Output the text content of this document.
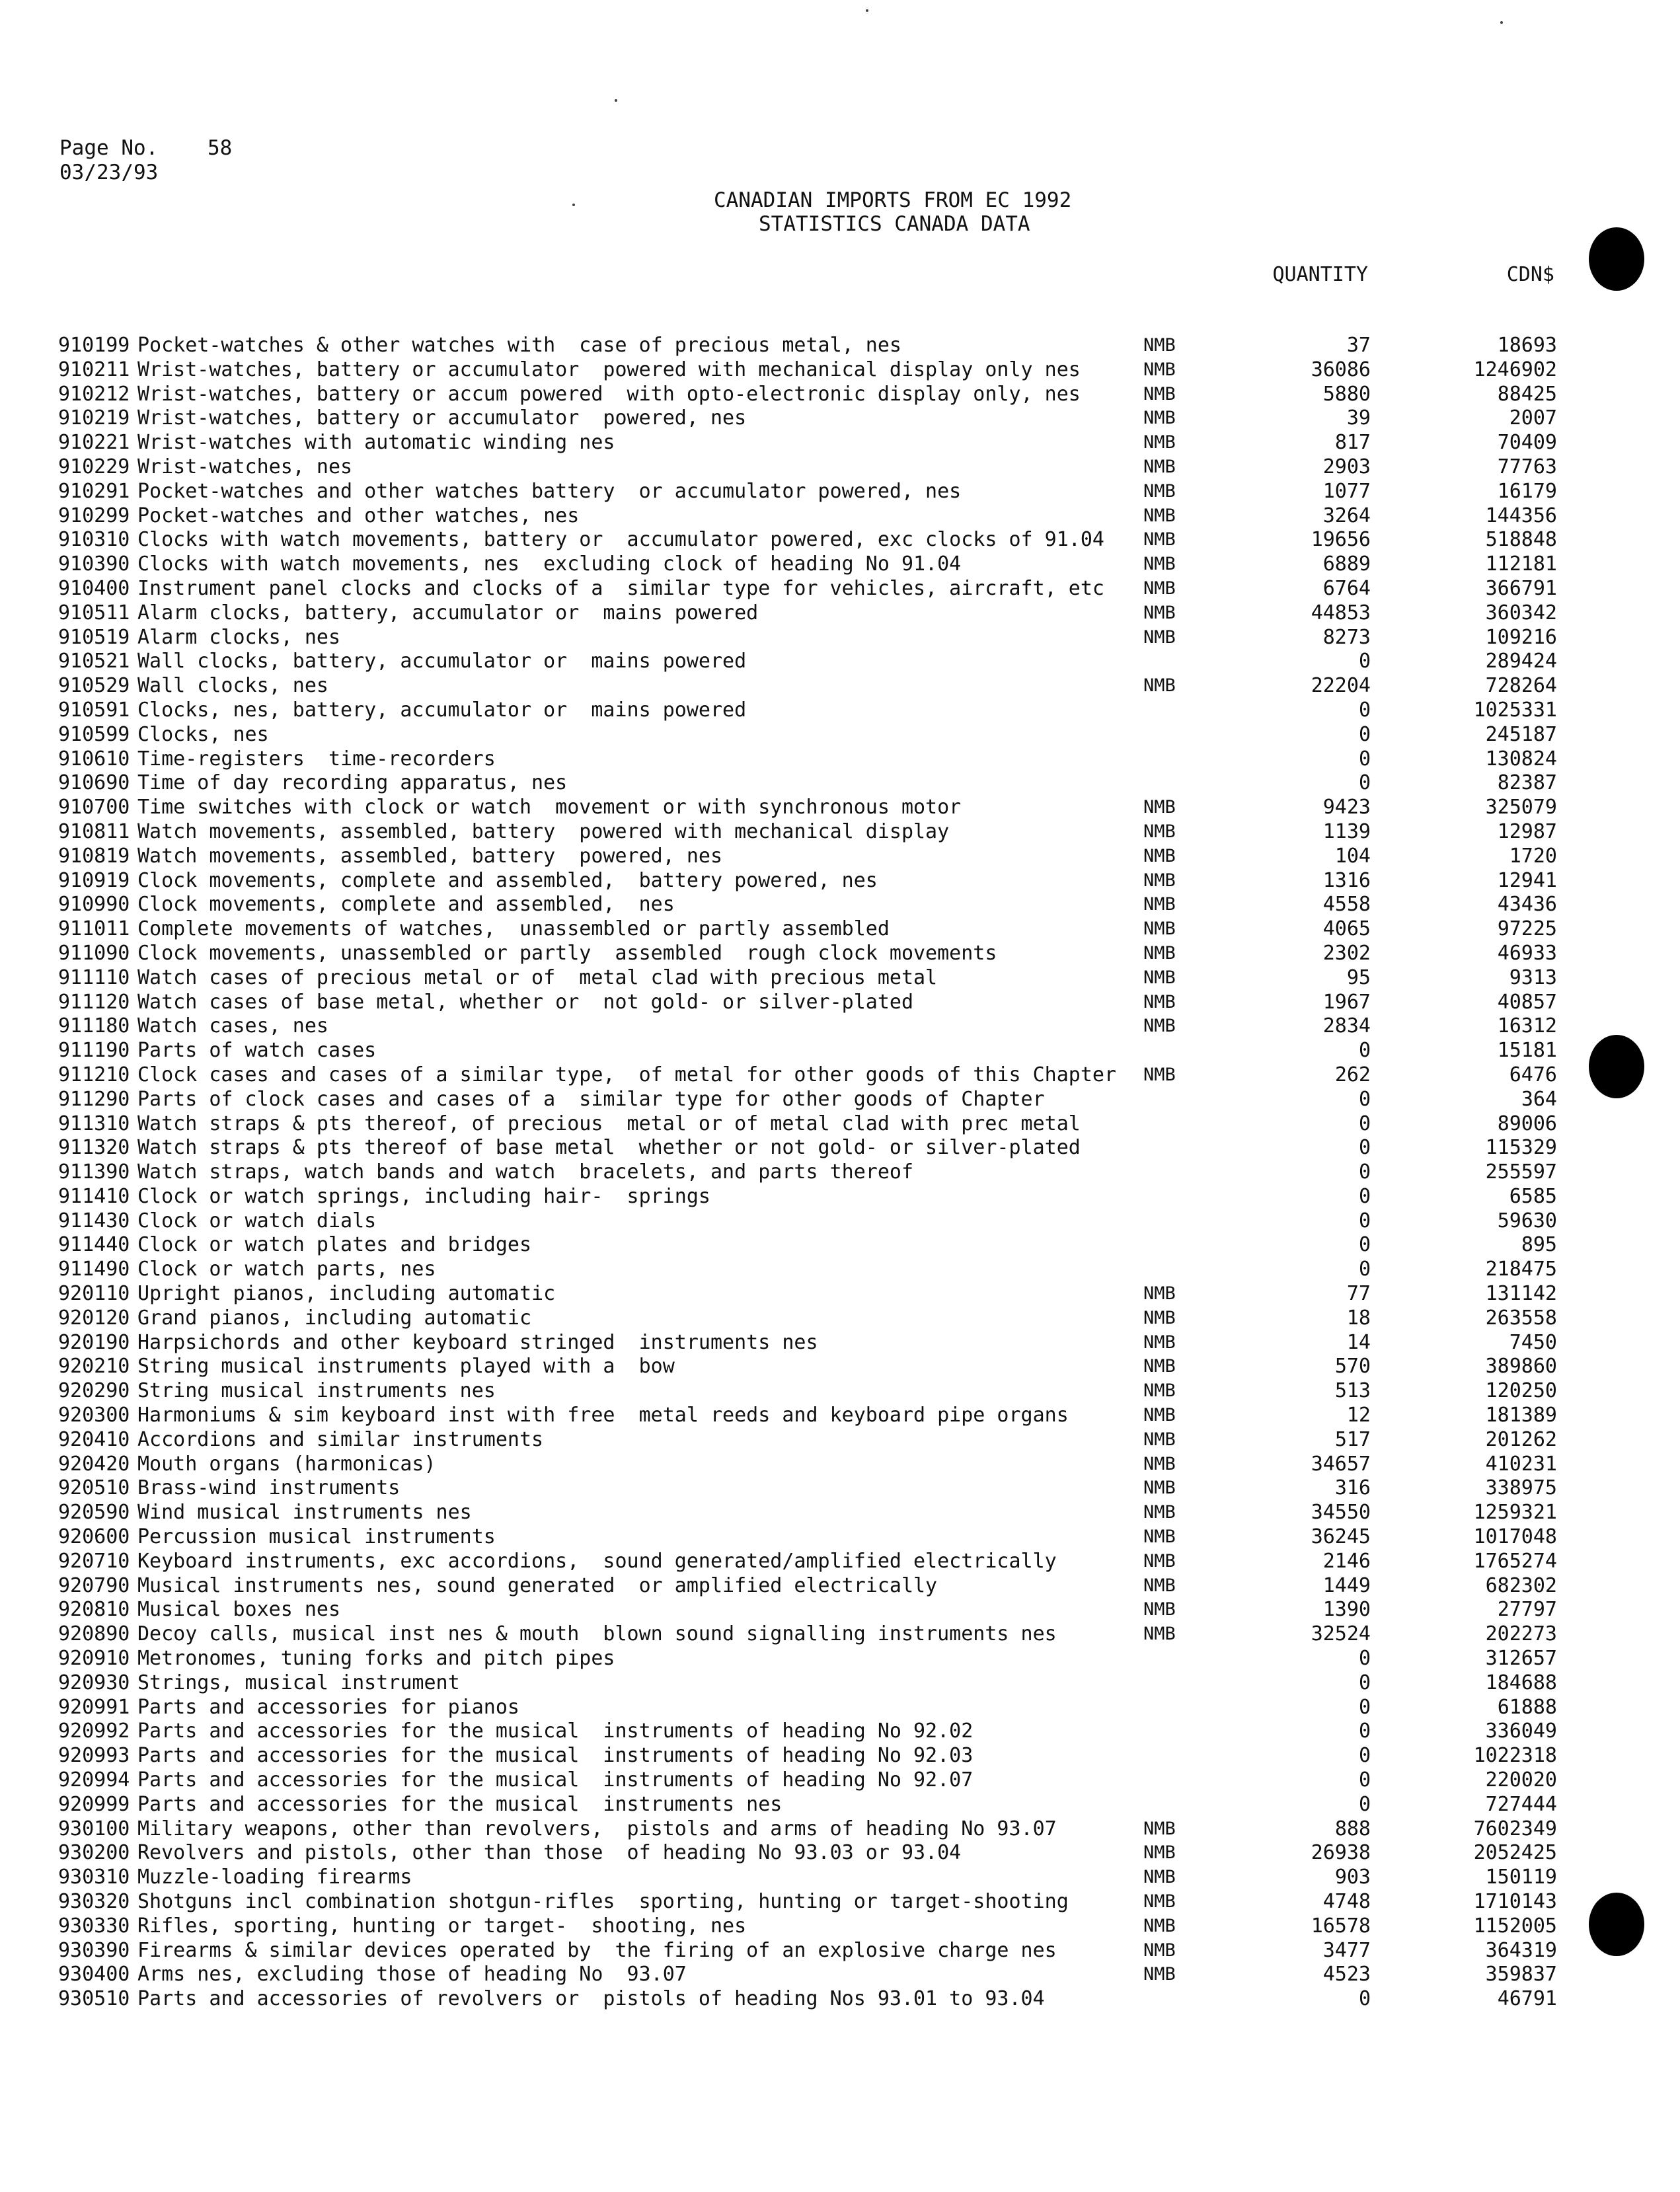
Page No. 58
03/23/93
CANADIAN IMPORTS FROM EC 1992
STATISTICS CANADA DATA
QUANTITY	CDN$
910199 Pocket-watches & other watches with  case of precious metal, nes	NMB	37	18693
910211 Wrist-watches, battery or accumulator  powered with mechanical display only nes	NMB	36086	1246902
910212 Wrist-watches, battery or accum powered  with opto-electronic display only, nes	NMB	5880	88425
910219 Wrist-watches, battery or accumulator  powered, nes	NMB	39	2007
910221 Wrist-watches with automatic winding nes	NMB	817	70409
910229 Wrist-watches, nes	NMB	2903	77763
910291 Pocket-watches and other watches battery  or accumulator powered, nes	NMB	1077	16179
910299 Pocket-watches and other watches, nes	NMB	3264	144356
910310 Clocks with watch movements, battery or  accumulator powered, exc clocks of 91.04 NMB	19656	518848
910390 Clocks with watch movements, nes  excluding clock of heading No 91.04	NMB	6889	112181
910400 Instrument panel clocks and clocks of a  similar type for vehicles, aircraft, etc NMB	6764	366791
910511 Alarm clocks, battery, accumulator or  mains powered	NMB	44853	360342
910519 Alarm clocks, nes	NMB	8273	109216
910521 Wall clocks, battery, accumulator or  mains powered	0	289424
910529 Wall clocks, nes	NMB	22204	728264
910591 Clocks, nes, battery, accumulator or  mains powered	0	1025331
910599 Clocks, nes	0	245187
910610 Time-registers  time-recorders	0	130824
910690 Time of day recording apparatus, nes	0	82387
910700 Time switches with clock or watch  movement or with synchronous motor	NMB	9423	325079
910811 Watch movements, assembled, battery  powered with mechanical display	NMB	1139	12987
910819 Watch movements, assembled, battery  powered, nes	NMB	104	1720
910919 Clock movements, complete and assembled,  battery powered, nes	NMB	1316	12941
910990 Clock movements, complete and assembled,  nes	NMB	4558	43436
911011 Complete movements of watches,  unassembled or partly assembled	NMB	4065	97225
911090 Clock movements, unassembled or partly  assembled  rough clock movements	NMB	2302	46933
911110 Watch cases of precious metal or of  metal clad with precious metal	NMB	95	9313
911120 Watch cases of base metal, whether or  not gold- or silver-plated	NMB	1967	40857
911180 Watch cases, nes	NMB	2834	16312
911190 Parts of watch cases	0	15181
911210 Clock cases and cases of a similar type,  of metal for other goods of this Chapter NMB	262	6476
911290 Parts of clock cases and cases of a  similar type for other goods of Chapter	0	364
911310 Watch straps & pts thereof, of precious  metal or of metal clad with prec metal	0	89006
911320 Watch straps & pts thereof of base metal  whether or not gold- or silver-plated	0	115329
911390 Watch straps, watch bands and watch  bracelets, and parts thereof	0	255597
911410 Clock or watch springs, including hair-  springs	0	6585
911430 Clock or watch dials	0	59630
911440 Clock or watch plates and bridges	0	895
911490 Clock or watch parts, nes	0	218475
920110 Upright pianos, including automatic	NMB	77	131142
920120 Grand pianos, including automatic	NMB	18	263558
920190 Harpsichords and other keyboard stringed  instruments nes	NMB	14	7450
920210 String musical instruments played with a  bow	NMB	570	389860
920290 String musical instruments nes	NMB	513	120250
920300 Harmoniums & sim keyboard inst with free  metal reeds and keyboard pipe organs	NMB	12	181389
920410 Accordions and similar instruments	NMB	517	201262
920420 Mouth organs (harmonicas)	NMB	34657	410231
920510 Brass-wind instruments	NMB	316	338975
920590 Wind musical instruments nes	NMB	34550	1259321
920600 Percussion musical instruments	NMB	36245	1017048
920710 Keyboard instruments, exc accordions,  sound generated/amplified electrically	NMB	2146	1765274
920790 Musical instruments nes, sound generated  or amplified electrically	NMB	1449	682302
920810 Musical boxes nes	NMB	1390	27797
920890 Decoy calls, musical inst nes & mouth  blown sound signalling instruments nes	NMB	32524	202273
920910 Metronomes, tuning forks and pitch pipes	0	312657
920930 Strings, musical instrument	0	184688
920991 Parts and accessories for pianos	0	61888
920992 Parts and accessories for the musical  instruments of heading No 92.02	0	336049
920993 Parts and accessories for the musical  instruments of heading No 92.03	0	1022318
920994 Parts and accessories for the musical  instruments of heading No 92.07	0	220020
920999 Parts and accessories for the musical  instruments nes	0	727444
930100 Military weapons, other than revolvers,  pistols and arms of heading No 93.07	NMB	888	7602349
930200 Revolvers and pistols, other than those  of heading No 93.03 or 93.04	NMB	26938	2052425
930310 Muzzle-loading firearms	NMB	903	150119
930320 Shotguns incl combination shotgun-rifles  sporting, hunting or target-shooting	NMB	4748	1710143
930330 Rifles, sporting, hunting or target-  shooting, nes	NMB	16578	1152005
930390 Firearms & similar devices operated by  the firing of an explosive charge nes	NMB	3477	364319
930400 Arms nes, excluding those of heading No  93.07	NMB	4523	359837
930510 Parts and accessories of revolvers or  pistols of heading Nos 93.01 to 93.04	0	46791
